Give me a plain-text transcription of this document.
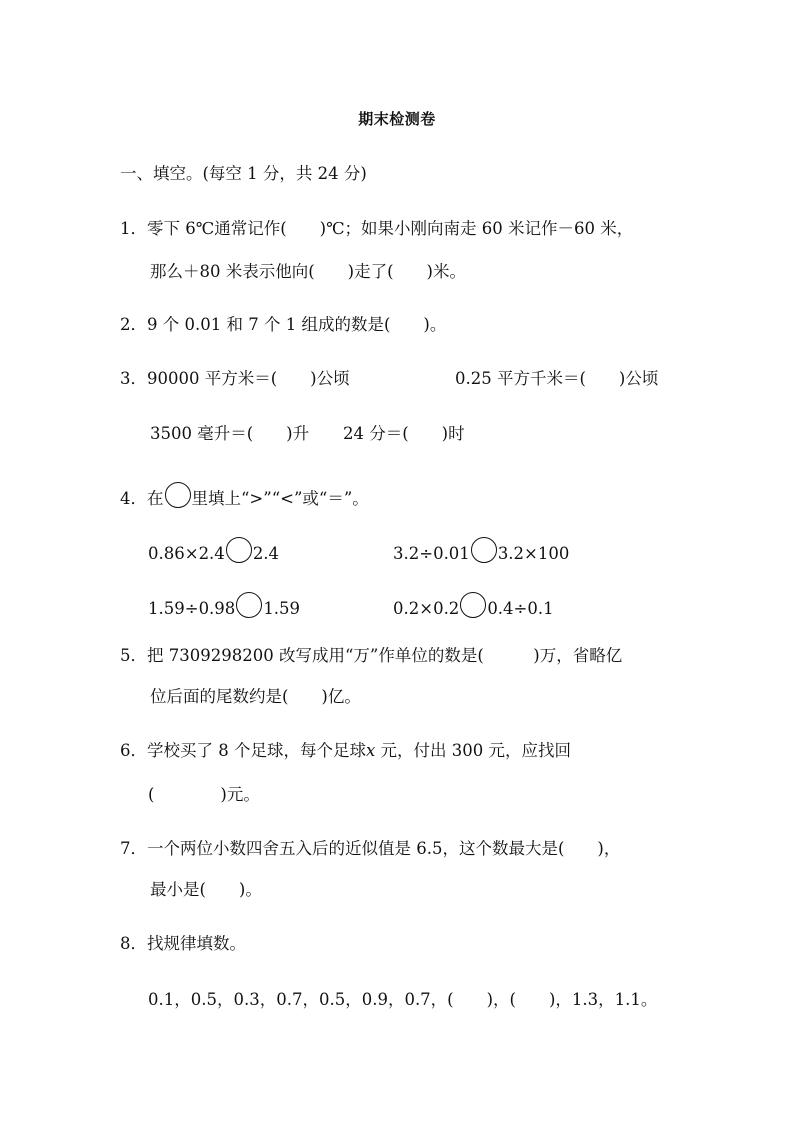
期末检测卷
一、填空。(每空 1 分，共 24 分)
1．零下 6℃通常记作(　　)℃；如果小刚向南走 60 米记作－60 米，
那么＋80 米表示他向(　　)走了(　　)米。
2．9 个 0.01 和 7 个 1 组成的数是(　　)。
3．90000 平方米＝(　　)公顷	0.25 平方千米＝(　　)公顷
3500 毫升＝(　　)升 24 分＝(　　)时
4．在 里填上“>”“<”或“＝”。
0.86×2.4 2.4	3.2÷0.01 3.2×100
1.59÷0.98 1.59	0.2×0.2 0.4÷0.1
5．把 7309298200 改写成用“万”作单位的数是(　　　)万，省略亿
位后面的尾数约是(　　)亿。
6．学校买了 8 个足球，每个足球x 元，付出 300 元，应找回
(　　　　)元。
7．一个两位小数四舍五入后的近似值是 6.5，这个数最大是(　　)，
最小是(　　)。
8．找规律填数。
0.1，0.5，0.3，0.7，0.5，0.9，0.7，(　　)，(　　)，1.3，1.1。
